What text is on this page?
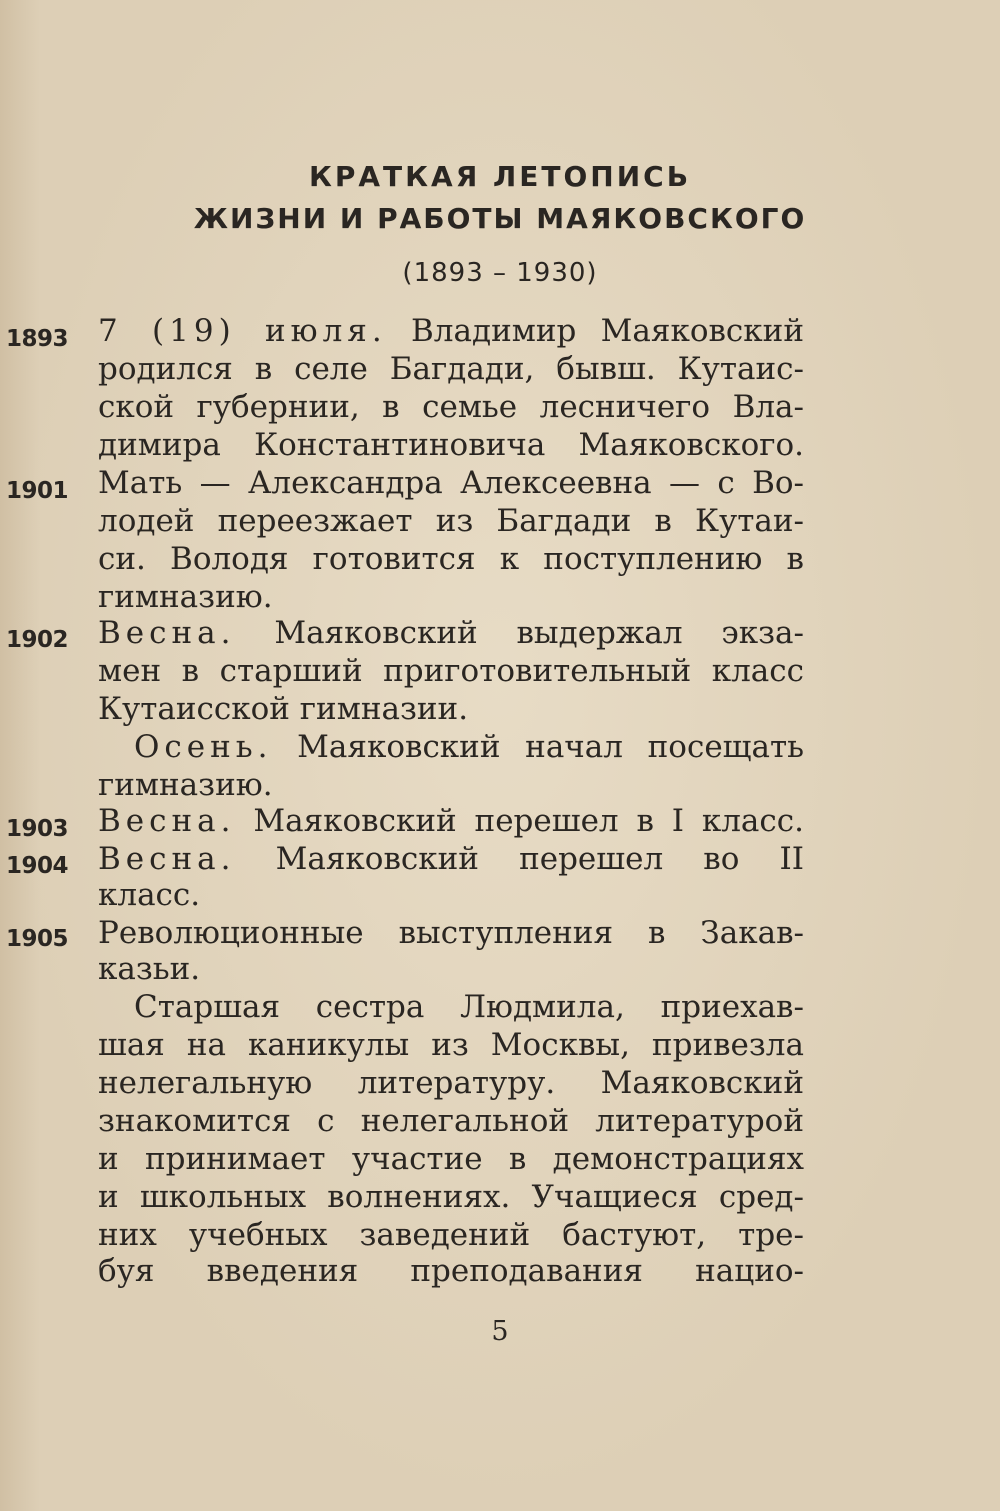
КРАТКАЯ ЛЕТОПИСЬ
ЖИЗНИ И РАБОТЫ МАЯКОВСКОГО
(1893 – 1930)
1893
1901
1902
1903
1904
1905
7 (19) июля. Владимир Маяковский
родился в селе Багдади, бывш. Кутаис-
ской губернии, в семье лесничего Вла-
димира Константиновича Маяковского.
Мать — Александра Алексеевна — с Во-
лодей переезжает из Багдади в Кутаи-
си. Володя готовится к поступлению в
гимназию.
Весна. Маяковский выдержал экза-
мен в старший приготовительный класс
Кутаисской гимназии.
Осень. Маяковский начал посещать
гимназию.
Весна. Маяковский перешел в I класс.
Весна. Маяковский перешел во II
класс.
Революционные выступления в Закав-
казьи.
Старшая сестра Людмила, приехав-
шая на каникулы из Москвы, привезла
нелегальную литературу. Маяковский
знакомится с нелегальной литературой
и принимает участие в демонстрациях
и школьных волнениях. Учащиеся сред-
них учебных заведений бастуют, тре-
буя введения преподавания нацио-
5
